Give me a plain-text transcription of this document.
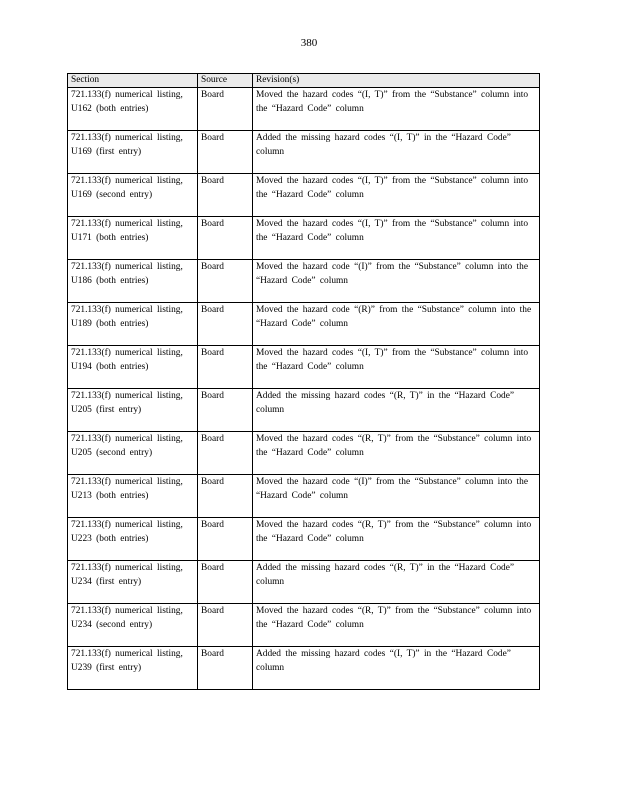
380
Section	Source	Revision(s)
721.133(f) numerical listing, U162 (both entries)	Board	Moved the hazard codes “(I, T)” from the “Substance” column into the “Hazard Code” column
721.133(f) numerical listing, U169 (first entry)	Board	Added the missing hazard codes “(I, T)” in the “Hazard Code” column
721.133(f) numerical listing, U169 (second entry)	Board	Moved the hazard codes “(I, T)” from the “Substance” column into the “Hazard Code” column
721.133(f) numerical listing, U171 (both entries)	Board	Moved the hazard codes “(I, T)” from the “Substance” column into the “Hazard Code” column
721.133(f) numerical listing, U186 (both entries)	Board	Moved the hazard code “(I)” from the “Substance” column into the “Hazard Code” column
721.133(f) numerical listing, U189 (both entries)	Board	Moved the hazard code “(R)” from the “Substance” column into the “Hazard Code” column
721.133(f) numerical listing, U194 (both entries)	Board	Moved the hazard codes “(I, T)” from the “Substance” column into the “Hazard Code” column
721.133(f) numerical listing, U205 (first entry)	Board	Added the missing hazard codes “(R, T)” in the “Hazard Code” column
721.133(f) numerical listing, U205 (second entry)	Board	Moved the hazard codes “(R, T)” from the “Substance” column into the “Hazard Code” column
721.133(f) numerical listing, U213 (both entries)	Board	Moved the hazard code “(I)” from the “Substance” column into the “Hazard Code” column
721.133(f) numerical listing, U223 (both entries)	Board	Moved the hazard codes “(R, T)” from the “Substance” column into the “Hazard Code” column
721.133(f) numerical listing, U234 (first entry)	Board	Added the missing hazard codes “(R, T)” in the “Hazard Code” column
721.133(f) numerical listing, U234 (second entry)	Board	Moved the hazard codes “(R, T)” from the “Substance” column into the “Hazard Code” column
721.133(f) numerical listing, U239 (first entry)	Board	Added the missing hazard codes “(I, T)” in the “Hazard Code” column
